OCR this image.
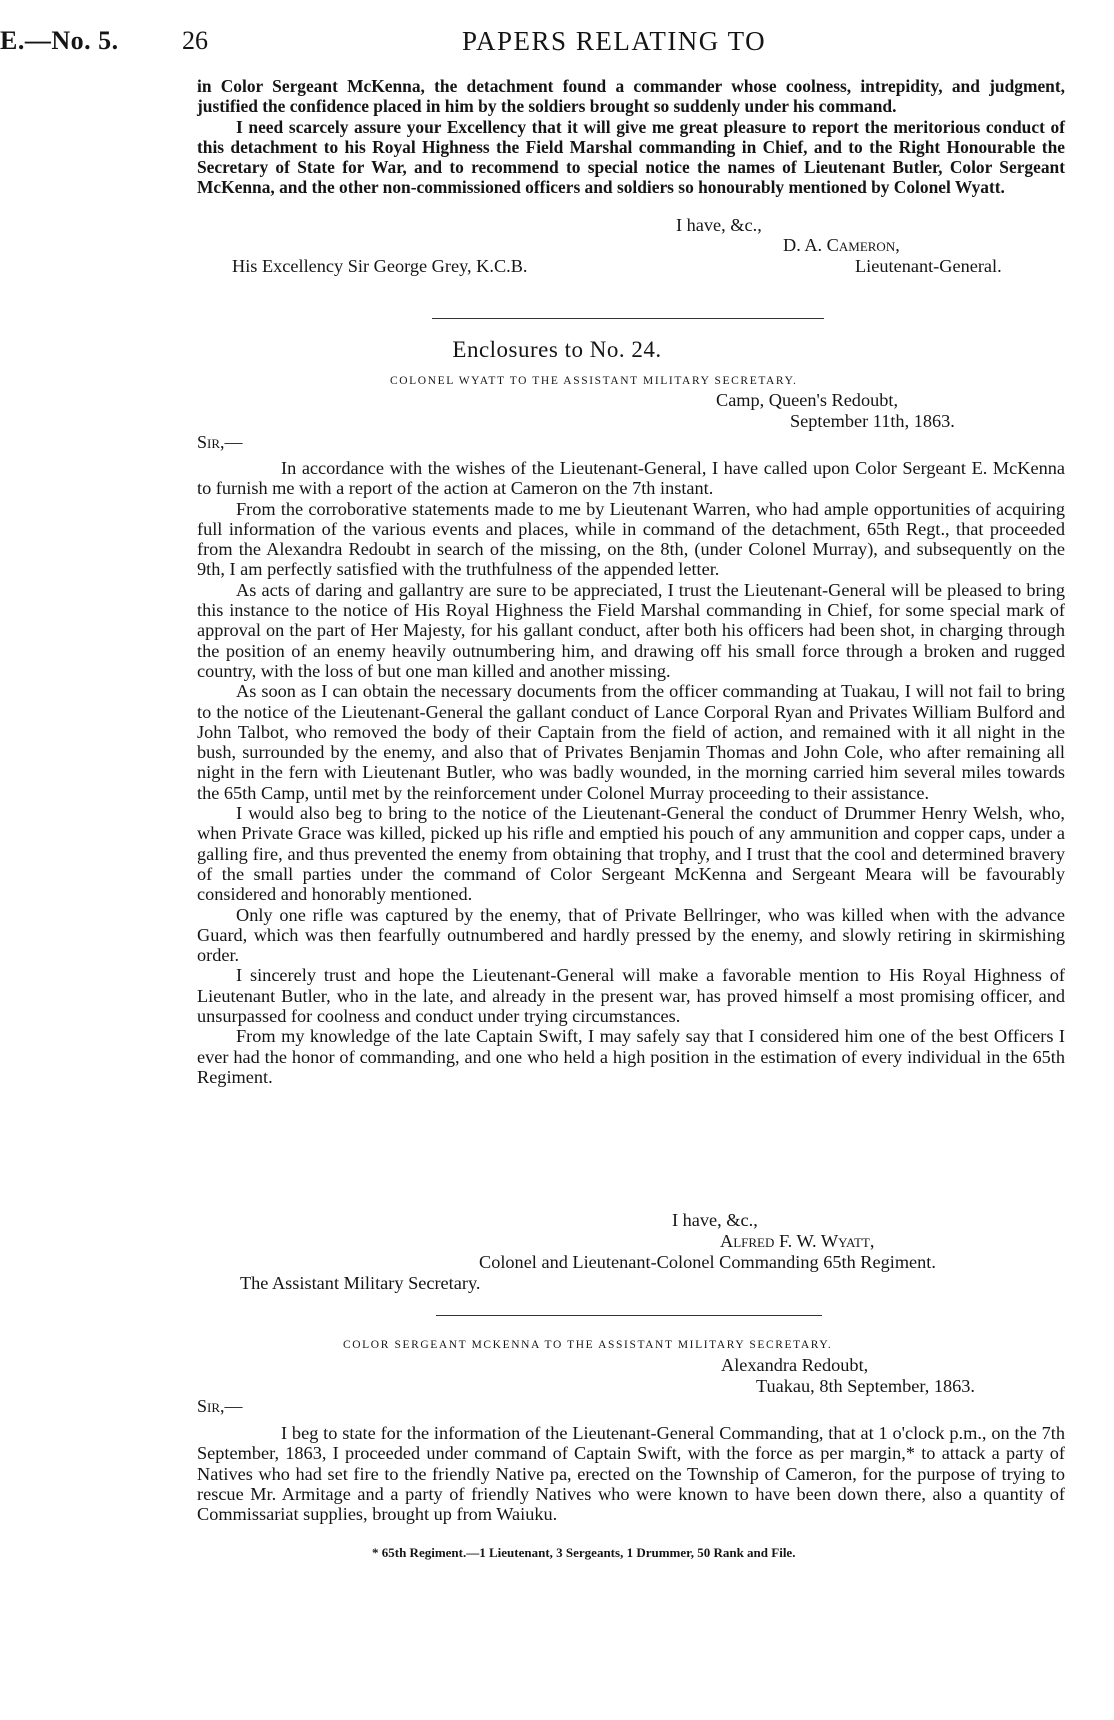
E.—No. 5. 26	PAPERS RELATING TO

in Color Sergeant McKenna, the detachment found a commander whose coolness, intrepidity, and judgment, justified the confidence placed in him by the soldiers brought so suddenly under his command.

I need scarcely assure your Excellency that it will give me great pleasure to report the meritorious conduct of this detachment to his Royal Highness the Field Marshal commanding in Chief, and to the Right Honourable the Secretary of State for War, and to recommend to special notice the names of Lieutenant Butler, Color Sergeant McKenna, and the other non-commissioned officers and soldiers so honourably mentioned by Colonel Wyatt.

I have, &c.,
D. A. Cameron,
His Excellency Sir George Grey, K.C.B.	Lieutenant-General.
Enclosures to No. 24.
COLONEL WYATT TO THE ASSISTANT MILITARY SECRETARY.
Camp, Queen's Redoubt,
September 11th, 1863.
Sir,—

In accordance with the wishes of the Lieutenant-General, I have called upon Color Sergeant E. McKenna to furnish me with a report of the action at Cameron on the 7th instant.

From the corroborative statements made to me by Lieutenant Warren, who had ample opportunities of acquiring full information of the various events and places, while in command of the detachment, 65th Regt., that proceeded from the Alexandra Redoubt in search of the missing, on the 8th, (under Colonel Murray), and subsequently on the 9th, I am perfectly satisfied with the truthfulness of the appended letter.

As acts of daring and gallantry are sure to be appreciated, I trust the Lieutenant-General will be pleased to bring this instance to the notice of His Royal Highness the Field Marshal commanding in Chief, for some special mark of approval on the part of Her Majesty, for his gallant conduct, after both his officers had been shot, in charging through the position of an enemy heavily outnumbering him, and drawing off his small force through a broken and rugged country, with the loss of but one man killed and another missing.

As soon as I can obtain the necessary documents from the officer commanding at Tuakau, I will not fail to bring to the notice of the Lieutenant-General the gallant conduct of Lance Corporal Ryan and Privates William Bulford and John Talbot, who removed the body of their Captain from the field of action, and remained with it all night in the bush, surrounded by the enemy, and also that of Privates Benjamin Thomas and John Cole, who after remaining all night in the fern with Lieutenant Butler, who was badly wounded, in the morning carried him several miles towards the 65th Camp, until met by the reinforcement under Colonel Murray proceeding to their assistance.

I would also beg to bring to the notice of the Lieutenant-General the conduct of Drummer Henry Welsh, who, when Private Grace was killed, picked up his rifle and emptied his pouch of any ammunition and copper caps, under a galling fire, and thus prevented the enemy from obtaining that trophy, and I trust that the cool and determined bravery of the small parties under the command of Color Sergeant McKenna and Sergeant Meara will be favourably considered and honorably mentioned.

Only one rifle was captured by the enemy, that of Private Bellringer, who was killed when with the advance Guard, which was then fearfully outnumbered and hardly pressed by the enemy, and slowly retiring in skirmishing order.

I sincerely trust and hope the Lieutenant-General will make a favorable mention to His Royal Highness of Lieutenant Butler, who in the late, and already in the present war, has proved himself a most promising officer, and unsurpassed for coolness and conduct under trying circumstances.

From my knowledge of the late Captain Swift, I may safely say that I considered him one of the best Officers I ever had the honor of commanding, and one who held a high position in the estimation of every individual in the 65th Regiment.

I have, &c.,
Alfred F. W. Wyatt,
Colonel and Lieutenant-Colonel Commanding 65th Regiment.
The Assistant Military Secretary.
COLOR SERGEANT MCKENNA TO THE ASSISTANT MILITARY SECRETARY.
Alexandra Redoubt,
Tuakau, 8th September, 1863.
Sir,—

I beg to state for the information of the Lieutenant-General Commanding, that at 1 o'clock p.m., on the 7th September, 1863, I proceeded under command of Captain Swift, with the force as per margin,* to attack a party of Natives who had set fire to the friendly Native pa, erected on the Township of Cameron, for the purpose of trying to rescue Mr. Armitage and a party of friendly Natives who were known to have been down there, also a quantity of Commissariat supplies, brought up from Waiuku.

* 65th Regiment.—1 Lieutenant, 3 Sergeants, 1 Drummer, 50 Rank and File.
